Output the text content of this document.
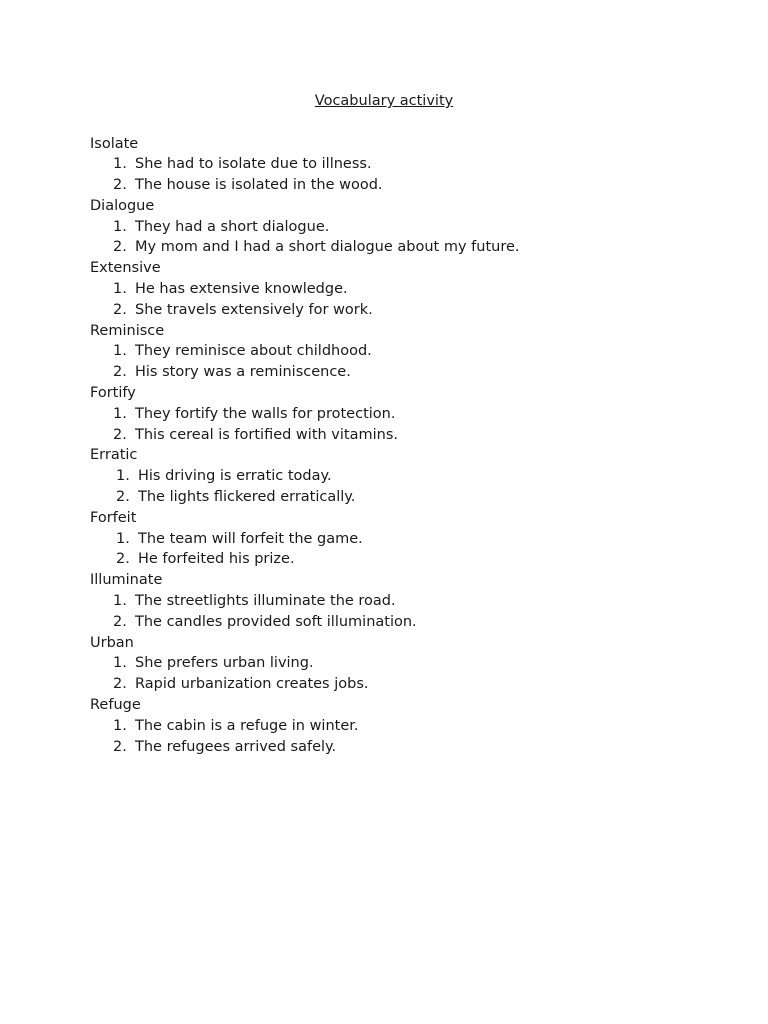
Vocabulary activity
Isolate
1. She had to isolate due to illness.
2. The house is isolated in the wood.
Dialogue
1. They had a short dialogue.
2. My mom and I had a short dialogue about my future.
Extensive
1. He has extensive knowledge.
2. She travels extensively for work.
Reminisce
1. They reminisce about childhood.
2. His story was a reminiscence.
Fortify
1. They fortify the walls for protection.
2. This cereal is fortified with vitamins.
Erratic
1. His driving is erratic today.
2. The lights flickered erratically.
Forfeit
1. The team will forfeit the game.
2. He forfeited his prize.
Illuminate
1. The streetlights illuminate the road.
2. The candles provided soft illumination.
Urban
1. She prefers urban living.
2. Rapid urbanization creates jobs.
Refuge
1. The cabin is a refuge in winter.
2. The refugees arrived safely.
